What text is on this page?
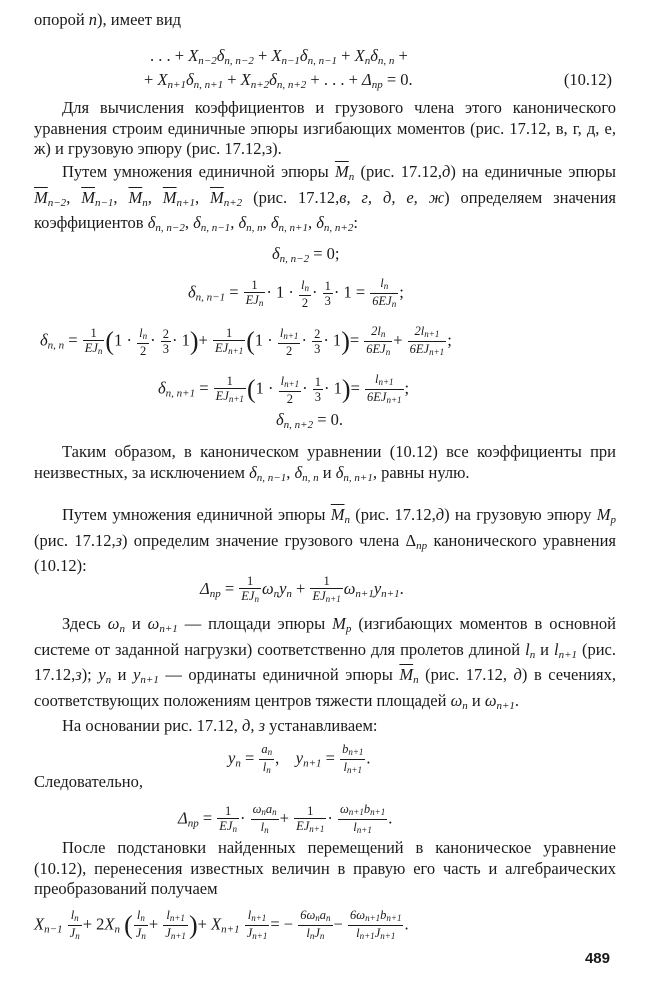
опорой n), имеет вид

. . . + $X_{n-2}\delta_{n, n-2} + X_{n-1}\delta_{n, n-1} + X_n\delta_{n, n}$ +

+ $X_{n+1}\delta_{n, n+1} + X_{n+2}\delta_{n, n+2}$ + . . . + $\Delta_{np} = 0$.	(10.12)

Для вычисления коэффициентов и грузового члена этого канонического уравнения строим единичные эпюры изгибающих моментов (рис. 17.12, в, г, д, е, ж) и грузовую эпюру (рис. 17.12,з).

Путем умножения единичной эпюры $\overline{M}_n$ (рис. 17.12,д) на единичные эпюры $\overline{M}_{n-2}$, $\overline{M}_{n-1}$, $\overline{M}_n$, $\overline{M}_{n+1}$, $\overline{M}_{n+2}$ (рис. 17.12,в, г, д, е, ж) определяем значения коэффициентов $\delta_{n, n-2}$, $\delta_{n, n-1}$, $\delta_{n, n}$, $\delta_{n, n+1}$, $\delta_{n, n+2}$:

$\delta_{n, n-2} = 0$;

$\delta_{n, n-1} = \frac{1}{EJ_n} \cdot 1 \cdot \frac{l_n}{2} \cdot \frac{1}{3} \cdot 1 = \frac{l_n}{6EJ_n}$ ;

$\delta_{n, n} = \frac{1}{EJ_n} (1 \cdot \frac{l_n}{2} \cdot \frac{2}{3} \cdot 1)+ \frac{1}{EJ_{n+1}} (1 \cdot \frac{l_{n+1}}{2} \cdot \frac{2}{3} \cdot 1)= \frac{2l_n}{6EJ_n} + \frac{2l_{n+1}}{6EJ_{n+1}}$ ;

$\delta_{n, n+1} = \frac{1}{EJ_{n+1}} (1 \cdot \frac{l_{n+1}}{2} \cdot \frac{1}{3} \cdot 1)= \frac{l_{n+1}}{6EJ_{n+1}}$ ;

$\delta_{n, n+2} = 0$.

Таким образом, в каноническом уравнении (10.12) все коэффициенты при неизвестных, за исключением $\delta_{n, n-1}$, $\delta_{n, n}$ и $\delta_{n, n+1}$, равны нулю.

Путем умножения единичной эпюры $\overline{M}_n$ (рис. 17.12,д) на грузовую эпюру $M_p$ (рис. 17.12,з) определим значение грузового члена $\Delta_{np}$ канонического уравнения (10.12):

$\Delta_{np} = \frac{1}{EJ_n} \omega_ny_n + \frac{1}{EJ_{n+1}} \omega_{n+1}y_{n+1}$.

Здесь $\omega_n$ и $\omega_{n+1}$ — площади эпюры $M_p$ (изгибающих моментов в основной системе от заданной нагрузки) соответственно для пролетов длиной $l_n$ и $l_{n+1}$ (рис. 17.12,з); $y_n$ и $y_{n+1}$ — ординаты единичной эпюры $\overline{M}_n$ (рис. 17.12, д) в сечениях, соответствующих положениям центров тяжести площадей $\omega_n$ и $\omega_{n+1}$.

На основании рис. 17.12, д, з устанавливаем:

$y_n = \frac{a_n}{l_n}$ ,    $y_{n+1} = \frac{b_{n+1}}{l_{n+1}}$ .

Следовательно,

$\Delta_{np} = \frac{1}{EJ_n} \cdot \frac{\omega_na_n}{l_n} + \frac{1}{EJ_{n+1}} \cdot \frac{\omega_{n+1}b_{n+1}}{l_{n+1}}$ .

После подстановки найденных перемещений в каноническое уравнение (10.12), перенесения известных величин в правую его часть и алгебраических преобразований получаем

$X_{n-1} \frac{l_n}{J_n} + 2X_n$ ( $\frac{l_n}{J_n} + \frac{l_{n+1}}{J_{n+1}}$ )+ $X_{n+1} \frac{l_{n+1}}{J_{n+1}}$ = − $\frac{6\omega_na_n}{l_nJ_n} - \frac{6\omega_{n+1}b_{n+1}}{l_{n+1}J_{n+1}}$ .

489
